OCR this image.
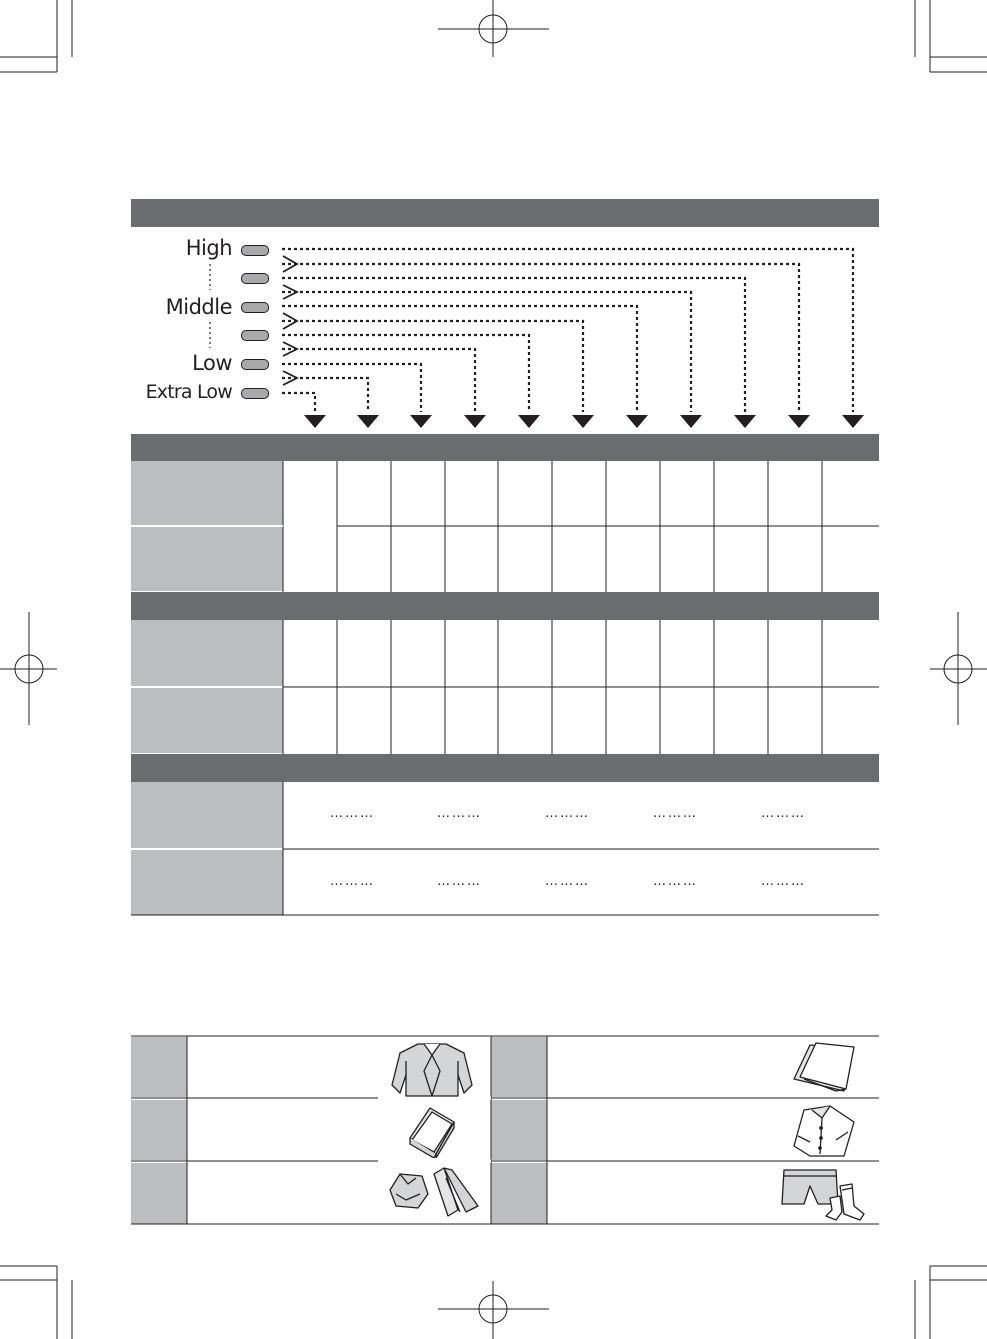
High
Middle
Low
Extra Low
………	………	………	………	………
………	………	………	………	………
